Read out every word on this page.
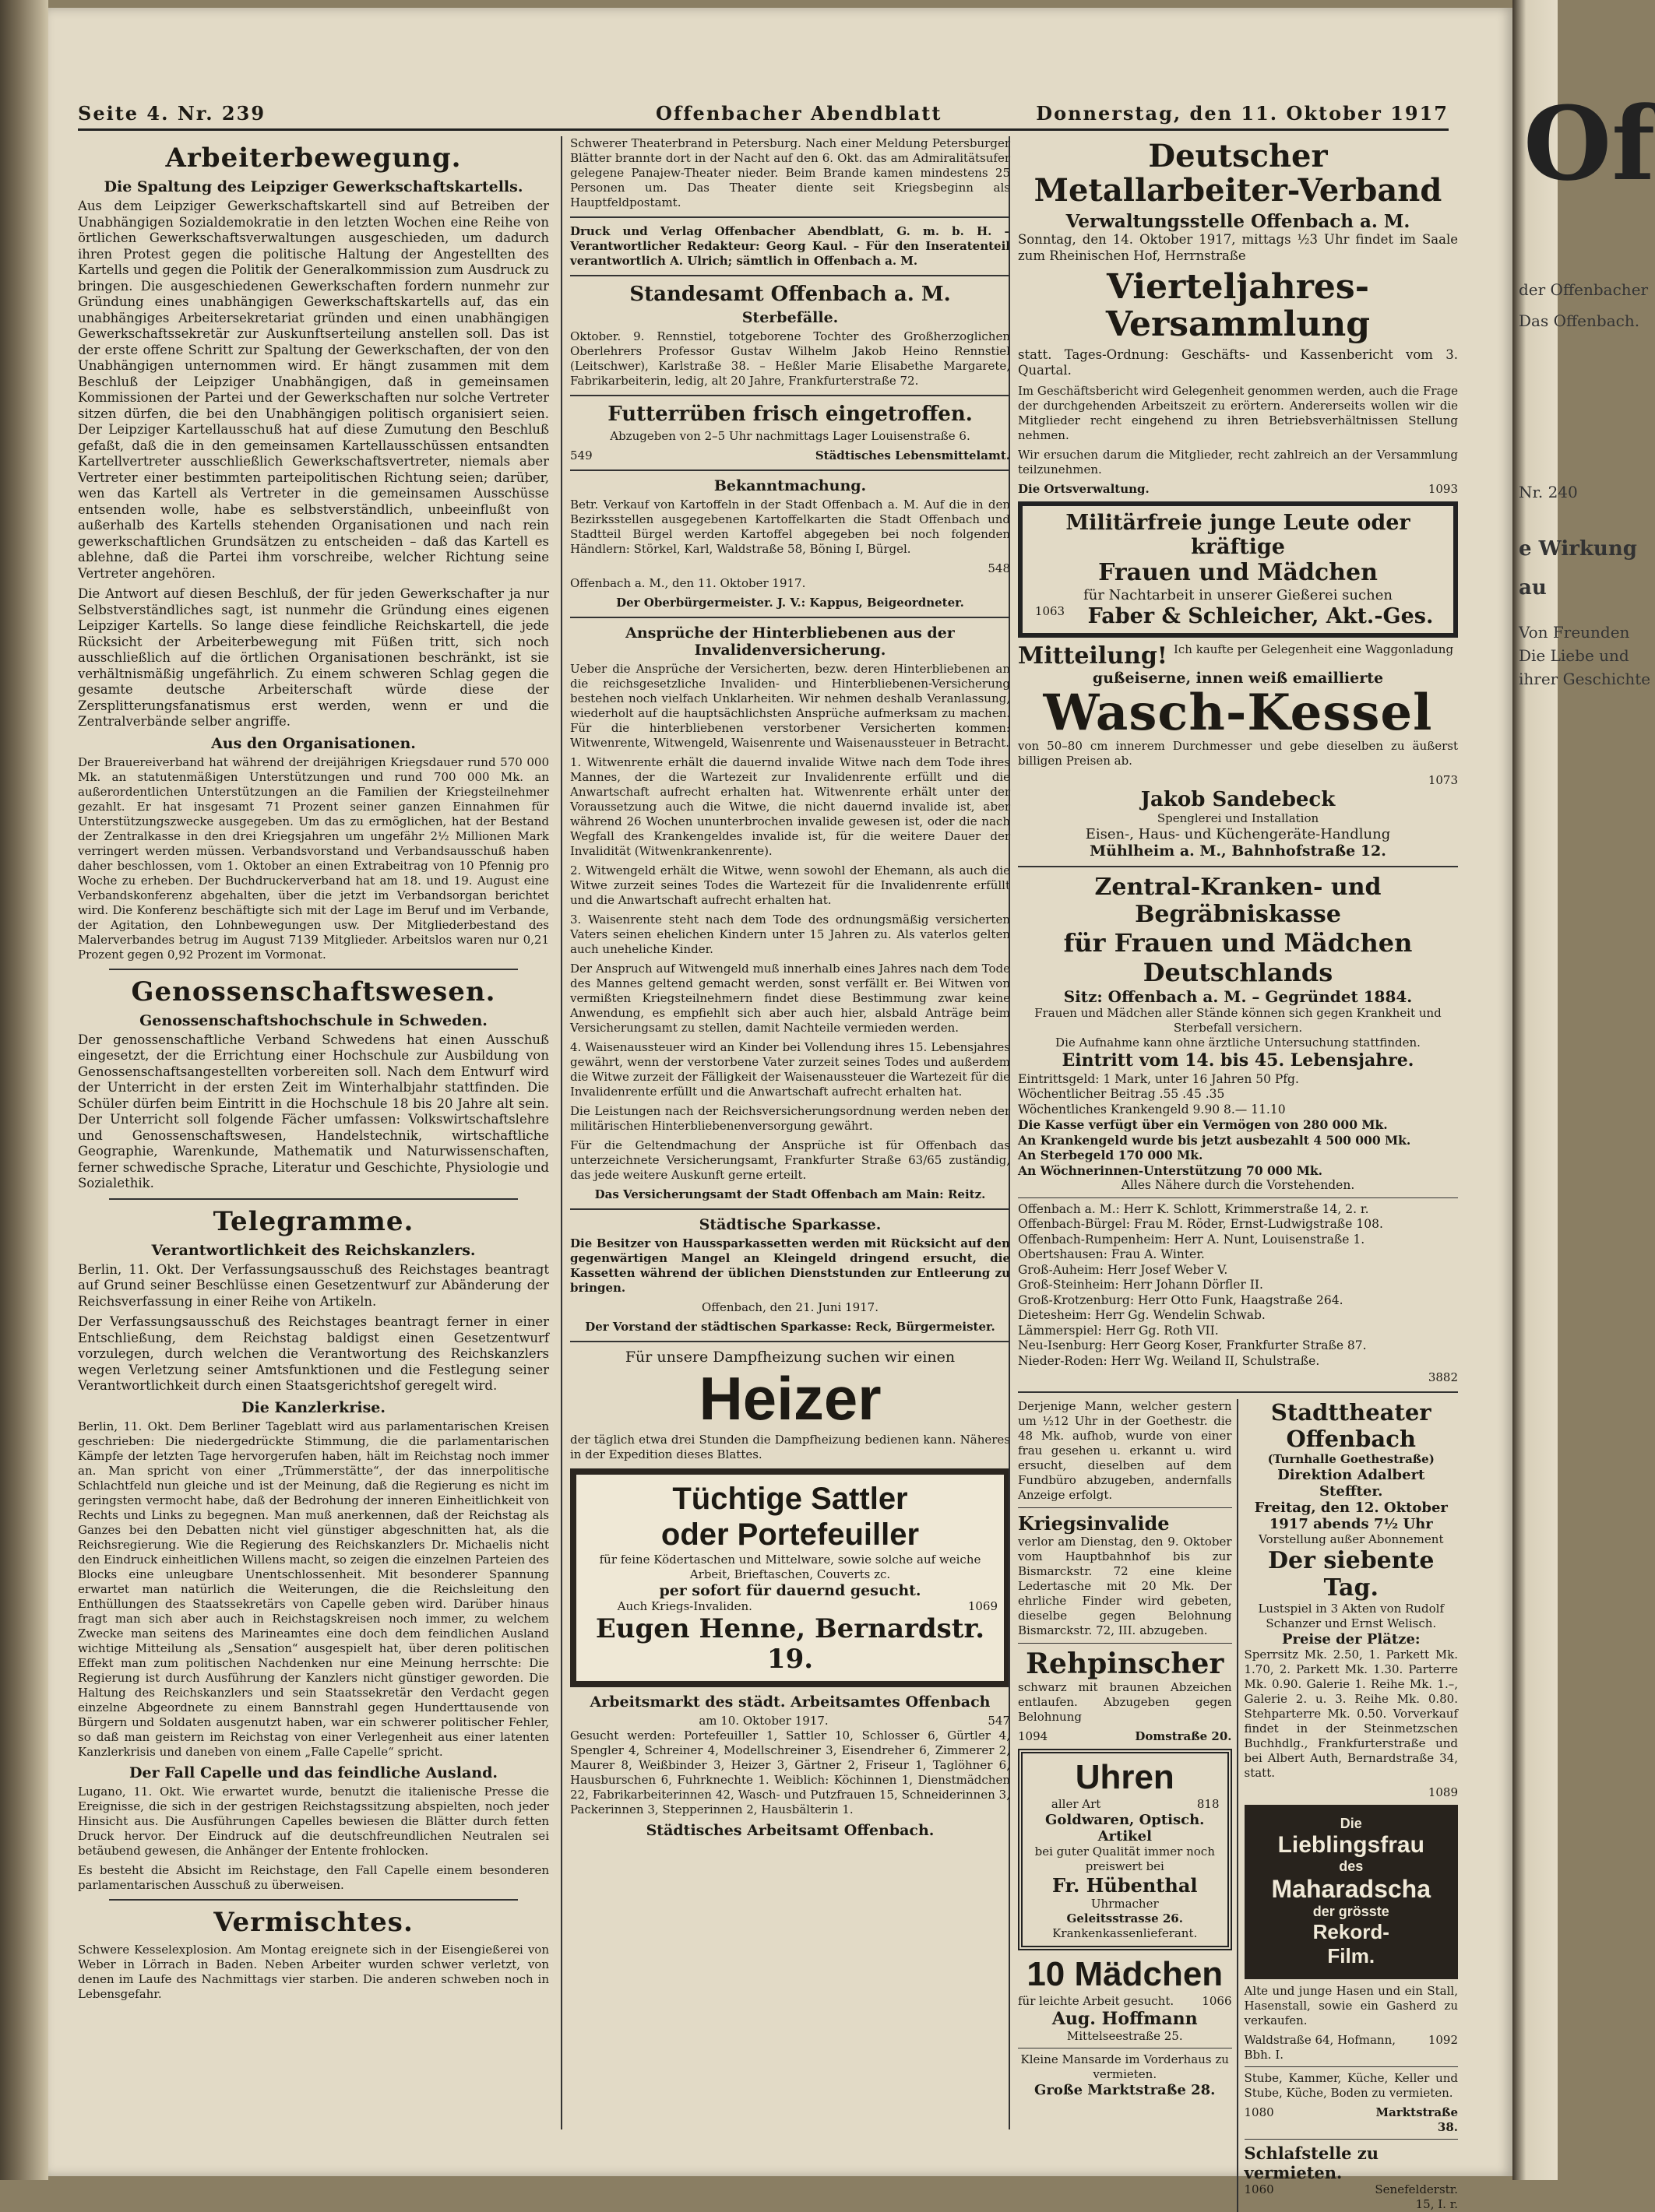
Seite 4. Nr. 239	Offenbacher Abendblatt	Donnerstag, den 11. Oktober 1917
Arbeiterbewegung.
Die Spaltung des Leipziger Gewerkschaftskartells.

Aus dem Leipziger Gewerkschaftskartell sind auf Betreiben der Unabhängigen Sozialdemokratie in den letzten Wochen eine Reihe von örtlichen Gewerkschaftsverwaltungen ausgeschieden, um dadurch ihren Protest gegen die politische Haltung der Angestellten des Kartells und gegen die Politik der Generalkommission zum Ausdruck zu bringen. Die ausgeschiedenen Gewerkschaften fordern nunmehr zur Gründung eines unabhängigen Gewerkschaftskartells auf, das ein unabhängiges Arbeitersekretariat gründen und einen unabhängigen Gewerkschaftssekretär zur Auskunftserteilung anstellen soll. Das ist der erste offene Schritt zur Spaltung der Gewerkschaften, der von den Unabhängigen unternommen wird. Er hängt zusammen mit dem Beschluß der Leipziger Unabhängigen, daß in gemeinsamen Kommissionen der Partei und der Gewerkschaften nur solche Vertreter sitzen dürfen, die bei den Unabhängigen politisch organisiert seien. Der Leipziger Kartellausschuß hat auf diese Zumutung den Beschluß gefaßt, daß die in den gemeinsamen Kartellausschüssen entsandten Kartellvertreter ausschließlich Gewerkschaftsvertreter, niemals aber Vertreter einer bestimmten parteipolitischen Richtung seien; darüber, wen das Kartell als Vertreter in die gemeinsamen Ausschüsse entsenden wolle, habe es selbstverständlich, unbeeinflußt von außerhalb des Kartells stehenden Organisationen und nach rein gewerkschaftlichen Grundsätzen zu entscheiden – daß das Kartell es ablehne, daß die Partei ihm vorschreibe, welcher Richtung seine Vertreter angehören.

Die Antwort auf diesen Beschluß, der für jeden Gewerkschafter ja nur Selbstverständliches sagt, ist nunmehr die Gründung eines eigenen Leipziger Kartells. So lange diese feindliche Reichskartell, die jede Rücksicht der Arbeiterbewegung mit Füßen tritt, sich noch ausschließlich auf die örtlichen Organisationen beschränkt, ist sie verhältnismäßig ungefährlich. Zu einem schweren Schlag gegen die gesamte deutsche Arbeiterschaft würde diese der Zersplitterungsfanatismus erst werden, wenn er und die Zentralverbände selber angriffe.

Aus den Organisationen.

Der Brauereiverband hat während der dreijährigen Kriegsdauer rund 570 000 Mk. an statutenmäßigen Unterstützungen und rund 700 000 Mk. an außerordentlichen Unterstützungen an die Familien der Kriegsteilnehmer gezahlt. Er hat insgesamt 71 Prozent seiner ganzen Einnahmen für Unterstützungszwecke ausgegeben. Um das zu ermöglichen, hat der Bestand der Zentralkasse in den drei Kriegsjahren um ungefähr 2½ Millionen Mark verringert werden müssen. Verbandsvorstand und Verbandsausschuß haben daher beschlossen, vom 1. Oktober an einen Extrabeitrag von 10 Pfennig pro Woche zu erheben. Der Buchdruckerverband hat am 18. und 19. August eine Verbandskonferenz abgehalten, über die jetzt im Verbandsorgan berichtet wird. Die Konferenz beschäftigte sich mit der Lage im Beruf und im Verbande, der Agitation, den Lohnbewegungen usw. Der Mitgliederbestand des Malerverbandes betrug im August 7139 Mitglieder. Arbeitslos waren nur 0,21 Prozent gegen 0,92 Prozent im Vormonat.

Genossenschaftswesen.
Genossenschaftshochschule in Schweden.

Der genossenschaftliche Verband Schwedens hat einen Ausschuß eingesetzt, der die Errichtung einer Hochschule zur Ausbildung von Genossenschaftsangestellten vorbereiten soll. Nach dem Entwurf wird der Unterricht in der ersten Zeit im Winterhalbjahr stattfinden. Die Schüler dürfen beim Eintritt in die Hochschule 18 bis 20 Jahre alt sein. Der Unterricht soll folgende Fächer umfassen: Volkswirtschaftslehre und Genossenschaftswesen, Handelstechnik, wirtschaftliche Geographie, Warenkunde, Mathematik und Naturwissenschaften, ferner schwedische Sprache, Literatur und Geschichte, Physiologie und Sozialethik.

Telegramme.
Verantwortlichkeit des Reichskanzlers.

Berlin, 11. Okt. Der Verfassungsausschuß des Reichstages beantragt auf Grund seiner Beschlüsse einen Gesetzentwurf zur Abänderung der Reichsverfassung in einer Reihe von Artikeln.

Der Verfassungsausschuß des Reichstages beantragt ferner in einer Entschließung, dem Reichstag baldigst einen Gesetzentwurf vorzulegen, durch welchen die Verantwortung des Reichskanzlers wegen Verletzung seiner Amtsfunktionen und die Festlegung seiner Verantwortlichkeit durch einen Staatsgerichtshof geregelt wird.

Die Kanzlerkrise.

Berlin, 11. Okt. Dem Berliner Tageblatt wird aus parlamentarischen Kreisen geschrieben: Die niedergedrückte Stimmung, die die parlamentarischen Kämpfe der letzten Tage hervorgerufen haben, hält im Reichstag noch immer an. Man spricht von einer „Trümmerstätte“, der das innerpolitische Schlachtfeld nun gleiche und ist der Meinung, daß die Regierung es nicht im geringsten vermocht habe, daß der Bedrohung der inneren Einheitlichkeit von Rechts und Links zu begegnen. Man muß anerkennen, daß der Reichstag als Ganzes bei den Debatten nicht viel günstiger abgeschnitten hat, als die Reichsregierung. Wie die Regierung des Reichskanzlers Dr. Michaelis nicht den Eindruck einheitlichen Willens macht, so zeigen die einzelnen Parteien des Blocks eine unleugbare Unentschlossenheit. Mit besonderer Spannung erwartet man natürlich die Weiterungen, die die Reichsleitung den Enthüllungen des Staatssekretärs von Capelle geben wird. Darüber hinaus fragt man sich aber auch in Reichstagskreisen noch immer, zu welchem Zwecke man seitens des Marineamtes eine doch dem feindlichen Ausland wichtige Mitteilung als „Sensation“ ausgespielt hat, über deren politischen Effekt man zum politischen Nachdenken nur eine Meinung herrschte: Die Regierung ist durch Ausführung der Kanzlers nicht günstiger geworden. Die Haltung des Reichskanzlers und sein Staatssekretär den Verdacht gegen einzelne Abgeordnete zu einem Bannstrahl gegen Hunderttausende von Bürgern und Soldaten ausgenutzt haben, war ein schwerer politischer Fehler, so daß man geistern im Reichstag von einer Verlegenheit aus einer latenten Kanzlerkrisis und daneben von einem „Falle Capelle“ spricht.

Der Fall Capelle und das feindliche Ausland.

Lugano, 11. Okt. Wie erwartet wurde, benutzt die italienische Presse die Ereignisse, die sich in der gestrigen Reichstagssitzung abspielten, noch jeder Hinsicht aus. Die Ausführungen Capelles bewiesen die Blätter durch fetten Druck hervor. Der Eindruck auf die deutschfreundlichen Neutralen sei betäubend gewesen, die Anhänger der Entente frohlocken.

Es besteht die Absicht im Reichstage, den Fall Capelle einem besonderen parlamentarischen Ausschuß zu überweisen.

Vermischtes.

Schwere Kesselexplosion. Am Montag ereignete sich in der Eisengießerei von Weber in Lörrach in Baden. Neben Arbeiter wurden schwer verletzt, von denen im Laufe des Nachmittags vier starben. Die anderen schweben noch in Lebensgefahr.

Schwerer Theaterbrand in Petersburg. Nach einer Meldung Petersburger Blätter brannte dort in der Nacht auf den 6. Okt. das am Admiralitätsufer gelegene Panajew-Theater nieder. Beim Brande kamen mindestens 25 Personen um. Das Theater diente seit Kriegsbeginn als Hauptfeldpostamt.

Druck und Verlag Offenbacher Abendblatt, G. m. b. H. – Verantwortlicher Redakteur: Georg Kaul. – Für den Inseratenteil verantwortlich A. Ulrich; sämtlich in Offenbach a. M.

Standesamt Offenbach a. M.
Sterbefälle.

Oktober. 9. Rennstiel, totgeborene Tochter des Großherzoglichen Oberlehrers Professor Gustav Wilhelm Jakob Heino Rennstiel (Leitschwer), Karlstraße 38. – Heßler Marie Elisabethe Margarete, Fabrikarbeiterin, ledig, alt 20 Jahre, Frankfurterstraße 72.

Futterrüben frisch eingetroffen.

Abzugeben von 2–5 Uhr nachmittags Lager Louisenstraße 6.

549	Städtisches Lebensmittelamt.
Bekanntmachung.

Betr. Verkauf von Kartoffeln in der Stadt Offenbach a. M. Auf die in den Bezirksstellen ausgegebenen Kartoffelkarten die Stadt Offenbach und Stadtteil Bürgel werden Kartoffel abgegeben bei noch folgenden Händlern: Störkel, Karl, Waldstraße 58, Böning I, Bürgel.

548

Offenbach a. M., den 11. Oktober 1917.

Der Oberbürgermeister. J. V.: Kappus, Beigeordneter.

Ansprüche der Hinterbliebenen aus der Invalidenversicherung.

Ueber die Ansprüche der Versicherten, bezw. deren Hinterbliebenen an die reichsgesetzliche Invaliden- und Hinterbliebenen-Versicherung bestehen noch vielfach Unklarheiten. Wir nehmen deshalb Veranlassung, wiederholt auf die hauptsächlichsten Ansprüche aufmerksam zu machen. Für die hinterbliebenen verstorbener Versicherten kommen: Witwenrente, Witwengeld, Waisenrente und Waisenaussteuer in Betracht.

1. Witwenrente erhält die dauernd invalide Witwe nach dem Tode ihres Mannes, der die Wartezeit zur Invalidenrente erfüllt und die Anwartschaft aufrecht erhalten hat. Witwenrente erhält unter der Voraussetzung auch die Witwe, die nicht dauernd invalide ist, aber während 26 Wochen ununterbrochen invalide gewesen ist, oder die nach Wegfall des Krankengeldes invalide ist, für die weitere Dauer der Invalidität (Witwenkrankenrente).

2. Witwengeld erhält die Witwe, wenn sowohl der Ehemann, als auch die Witwe zurzeit seines Todes die Wartezeit für die Invalidenrente erfüllt und die Anwartschaft aufrecht erhalten hat.

3. Waisenrente steht nach dem Tode des ordnungsmäßig versicherten Vaters seinen ehelichen Kindern unter 15 Jahren zu. Als vaterlos gelten auch uneheliche Kinder.

Der Anspruch auf Witwengeld muß innerhalb eines Jahres nach dem Tode des Mannes geltend gemacht werden, sonst verfällt er. Bei Witwen von vermißten Kriegsteilnehmern findet diese Bestimmung zwar keine Anwendung, es empfiehlt sich aber auch hier, alsbald Anträge beim Versicherungsamt zu stellen, damit Nachteile vermieden werden.

4. Waisenaussteuer wird an Kinder bei Vollendung ihres 15. Lebensjahres gewährt, wenn der verstorbene Vater zurzeit seines Todes und außerdem die Witwe zurzeit der Fälligkeit der Waisenaussteuer die Wartezeit für die Invalidenrente erfüllt und die Anwartschaft aufrecht erhalten hat.

Die Leistungen nach der Reichsversicherungsordnung werden neben der militärischen Hinterbliebenenversorgung gewährt.

Für die Geltendmachung der Ansprüche ist für Offenbach das unterzeichnete Versicherungsamt, Frankfurter Straße 63/65 zuständig, das jede weitere Auskunft gerne erteilt.

Das Versicherungsamt der Stadt Offenbach am Main: Reitz.

Städtische Sparkasse.

Die Besitzer von Haussparkassetten werden mit Rücksicht auf den gegenwärtigen Mangel an Kleingeld dringend ersucht, die Kassetten während der üblichen Dienststunden zur Entleerung zu bringen.

Offenbach, den 21. Juni 1917.

Der Vorstand der städtischen Sparkasse: Reck, Bürgermeister.

Für unsere Dampfheizung suchen wir einen
Heizer

der täglich etwa drei Stunden die Dampfheizung bedienen kann. Näheres in der Expedition dieses Blattes.

Tüchtige Sattler
oder Portefeuiller
für feine Ködertaschen und Mittelware, sowie solche auf weiche Arbeit, Brieftaschen, Couverts zc.
per sofort für dauernd gesucht.
Auch Kriegs-Invaliden.	1069
Eugen Henne, Bernardstr. 19.
Arbeitsmarkt des städt. Arbeitsamtes Offenbach
am 10. Oktober 1917.	547

Gesucht werden: Portefeuiller 1, Sattler 10, Schlosser 6, Gürtler 4, Spengler 4, Schreiner 4, Modellschreiner 3, Eisendreher 6, Zimmerer 2, Maurer 8, Weißbinder 3, Heizer 3, Gärtner 2, Friseur 1, Taglöhner 6, Hausburschen 6, Fuhrknechte 1. Weiblich: Köchinnen 1, Dienstmädchen 22, Fabrikarbeiterinnen 42, Wasch- und Putzfrauen 15, Schneiderinnen 3, Packerinnen 3, Stepperinnen 2, Hausbälterin 1.

Städtisches Arbeitsamt Offenbach.
Deutscher Metallarbeiter-Verband
Verwaltungsstelle Offenbach a. M.

Sonntag, den 14. Oktober 1917, mittags ½3 Uhr findet im Saale zum Rheinischen Hof, Herrnstraße

Vierteljahres-Versammlung

statt. Tages-Ordnung: Geschäfts- und Kassenbericht vom 3. Quartal.

Im Geschäftsbericht wird Gelegenheit genommen werden, auch die Frage der durchgehenden Arbeitszeit zu erörtern. Andererseits wollen wir die Mitglieder recht eingehend zu ihren Betriebsverhältnissen Stellung nehmen.

Wir ersuchen darum die Mitglieder, recht zahlreich an der Versammlung teilzunehmen.

Die Ortsverwaltung.	1093
Militärfreie junge Leute oder kräftige
Frauen und Mädchen
für Nachtarbeit in unserer Gießerei suchen
1063	Faber & Schleicher, Akt.-Ges.
Mitteilung! Ich kaufte per Gelegenheit eine Waggonladung
gußeiserne, innen weiß emaillierte
Wasch-Kessel

von 50–80 cm innerem Durchmesser und gebe dieselben zu äußerst billigen Preisen ab.

1073
Jakob Sandebeck
Spenglerei und Installation
Eisen-, Haus- und Küchengeräte-Handlung
Mühlheim a. M., Bahnhofstraße 12.
Zentral-Kranken- und Begräbniskasse
für Frauen und Mädchen Deutschlands
Sitz: Offenbach a. M. – Gegründet 1884.
Frauen und Mädchen aller Stände können sich gegen Krankheit und Sterbefall versichern.
Die Aufnahme kann ohne ärztliche Untersuchung stattfinden.
Eintritt vom 14. bis 45. Lebensjahre.
Eintrittsgeld: 1 Mark, unter 16 Jahren 50 Pfg.
Wöchentlicher Beitrag .55 .45 .35
Wöchentliches Krankengeld 9.90 8.— 11.10
Die Kasse verfügt über ein Vermögen von 280 000 Mk.
An Krankengeld wurde bis jetzt ausbezahlt 4 500 000 Mk.
An Sterbegeld 170 000 Mk.
An Wöchnerinnen-Unterstützung 70 000 Mk.
Alles Nähere durch die Vorstehenden.
Offenbach a. M.: Herr K. Schlott, Krimmerstraße 14, 2. r.
Offenbach-Bürgel: Frau M. Röder, Ernst-Ludwigstraße 108.
Offenbach-Rumpenheim: Herr A. Nunt, Louisenstraße 1.
Obertshausen: Frau A. Winter.
Groß-Auheim: Herr Josef Weber V.
Groß-Steinheim: Herr Johann Dörfler II.
Groß-Krotzenburg: Herr Otto Funk, Haagstraße 264.
Dietesheim: Herr Gg. Wendelin Schwab.
Lämmerspiel: Herr Gg. Roth VII.
Neu-Isenburg: Herr Georg Koser, Frankfurter Straße 87.
Nieder-Roden: Herr Wg. Weiland II, Schulstraße.
3882

Derjenige Mann, welcher gestern um ½12 Uhr in der Goethestr. die 48 Mk. aufhob, wurde von einer frau gesehen u. erkannt u. wird ersucht, dieselben auf dem Fundbüro abzugeben, andernfalls Anzeige erfolgt.

Kriegsinvalide

verlor am Dienstag, den 9. Oktober vom Hauptbahnhof bis zur Bismarckstr. 72 eine kleine Ledertasche mit 20 Mk. Der ehrliche Finder wird gebeten, dieselbe gegen Belohnung Bismarckstr. 72, III. abzugeben.

Rehpinscher

schwarz mit braunen Abzeichen entlaufen. Abzugeben gegen Belohnung

1094	Domstraße 20.
Uhren
aller Art	818
Goldwaren, Optisch. Artikel
bei guter Qualität immer noch preiswert bei
Fr. Hübenthal
Uhrmacher
Geleitsstrasse 26.
Krankenkassenlieferant.
10 Mädchen
für leichte Arbeit gesucht.	1066
Aug. Hoffmann
Mittelseestraße 25.
Kleine Mansarde im Vorderhaus zu vermieten.
Große Marktstraße 28.
Stadttheater Offenbach
(Turnhalle Goethestraße)
Direktion Adalbert Steffter.
Freitag, den 12. Oktober 1917 abends 7½ Uhr
Vorstellung außer Abonnement
Der siebente Tag.
Lustspiel in 3 Akten von Rudolf Schanzer und Ernst Welisch.
Preise der Plätze:

Sperrsitz Mk. 2.50, 1. Parkett Mk. 1.70, 2. Parkett Mk. 1.30. Parterre Mk. 0.90. Galerie 1. Reihe Mk. 1.–, Galerie 2. u. 3. Reihe Mk. 0.80. Stehparterre Mk. 0.50. Vorverkauf findet in der Steinmetzschen Buchhdlg., Frankfurterstraße und bei Albert Auth, Bernardstraße 34, statt.

1089
Die
Lieblingsfrau
des
Maharadscha
der grösste
Rekord-
Film.

Alte und junge Hasen und ein Stall, Hasenstall, sowie ein Gasherd zu verkaufen.

Waldstraße 64, Hofmann, Bbh. I.
1092

Stube, Kammer, Küche, Keller und Stube, Küche, Boden zu vermieten.

1080	Marktstraße 38.
Schlafstelle zu vermieten.
1060	Senefelderstr. 15, I. r.
Of
der Offenbacher
Das Offenbach.
Nr. 240
e Wirkung
au
Von Freunden
Die Liebe und
ihrer Geschichte
